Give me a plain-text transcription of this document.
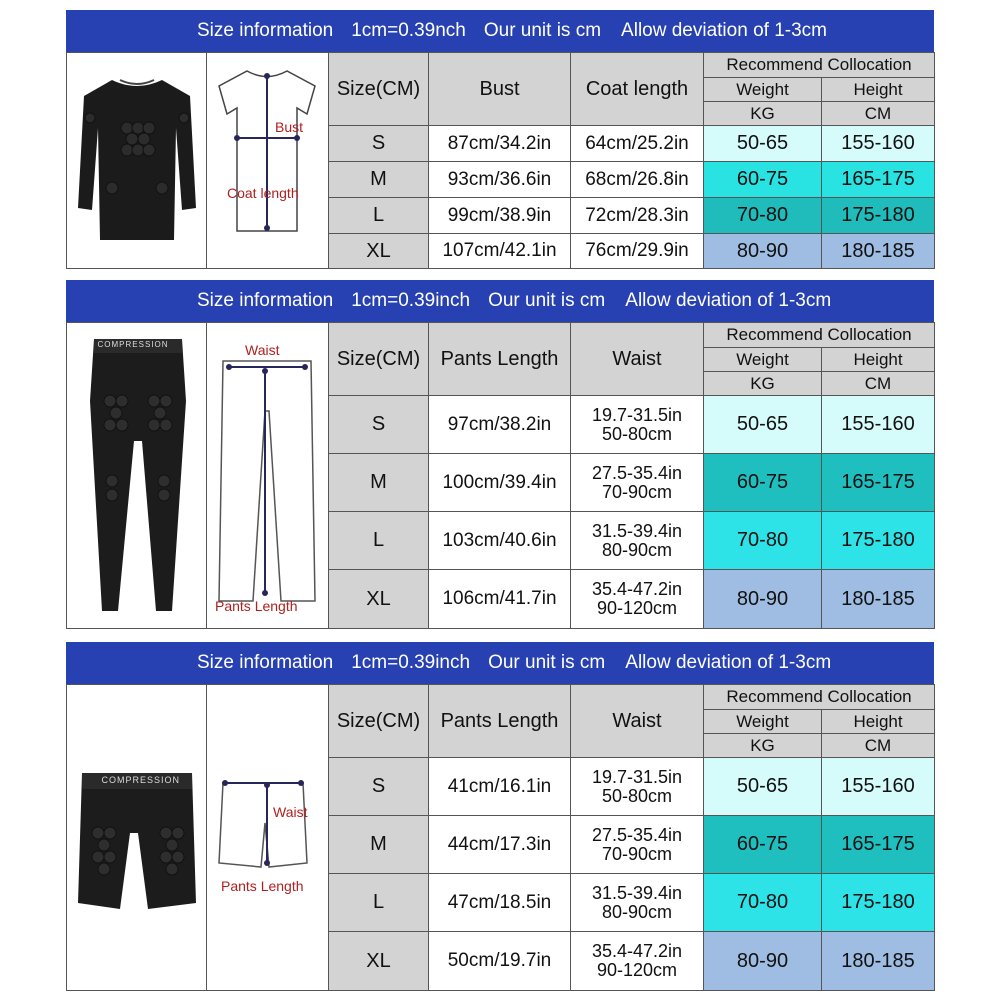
Size information 1cm=0.39nch Our unit is cm Allow deviation of 1-3cm

Bust
Coat length	Size(CM)	Bust	Coat length	Recommend Collocation	
					Weight	Height
					KG	CM
		S	87cm/34.2in	64cm/25.2in	50-65	155-160
		M	93cm/36.6in	68cm/26.8in	60-75	165-175
		L	99cm/38.9in	72cm/28.3in	70-80	175-180
		XL	107cm/42.1in	76cm/29.9in	80-90	180-185
Size information 1cm=0.39inch Our unit is cm Allow deviation of 1-3cm
COMPRESSION	Waist
Pants Length	Size(CM)	Pants Length	Waist	Recommend Collocation	
					Weight	Height
					KG	CM
		S	97cm/38.2in	19.7-31.5in
50-80cm	50-65	155-160
		M	100cm/39.4in	27.5-35.4in
70-90cm	60-75	165-175
		L	103cm/40.6in	31.5-39.4in
80-90cm	70-80	175-180
		XL	106cm/41.7in	35.4-47.2in
90-120cm	80-90	180-185
Size information 1cm=0.39inch Our unit is cm Allow deviation of 1-3cm
COMPRESSION	Waist
Pants Length	Size(CM)	Pants Length	Waist	Recommend Collocation	
					Weight	Height
					KG	CM
		S	41cm/16.1in	19.7-31.5in
50-80cm	50-65	155-160
		M	44cm/17.3in	27.5-35.4in
70-90cm	60-75	165-175
		L	47cm/18.5in	31.5-39.4in
80-90cm	70-80	175-180
		XL	50cm/19.7in	35.4-47.2in
90-120cm	80-90	180-185
